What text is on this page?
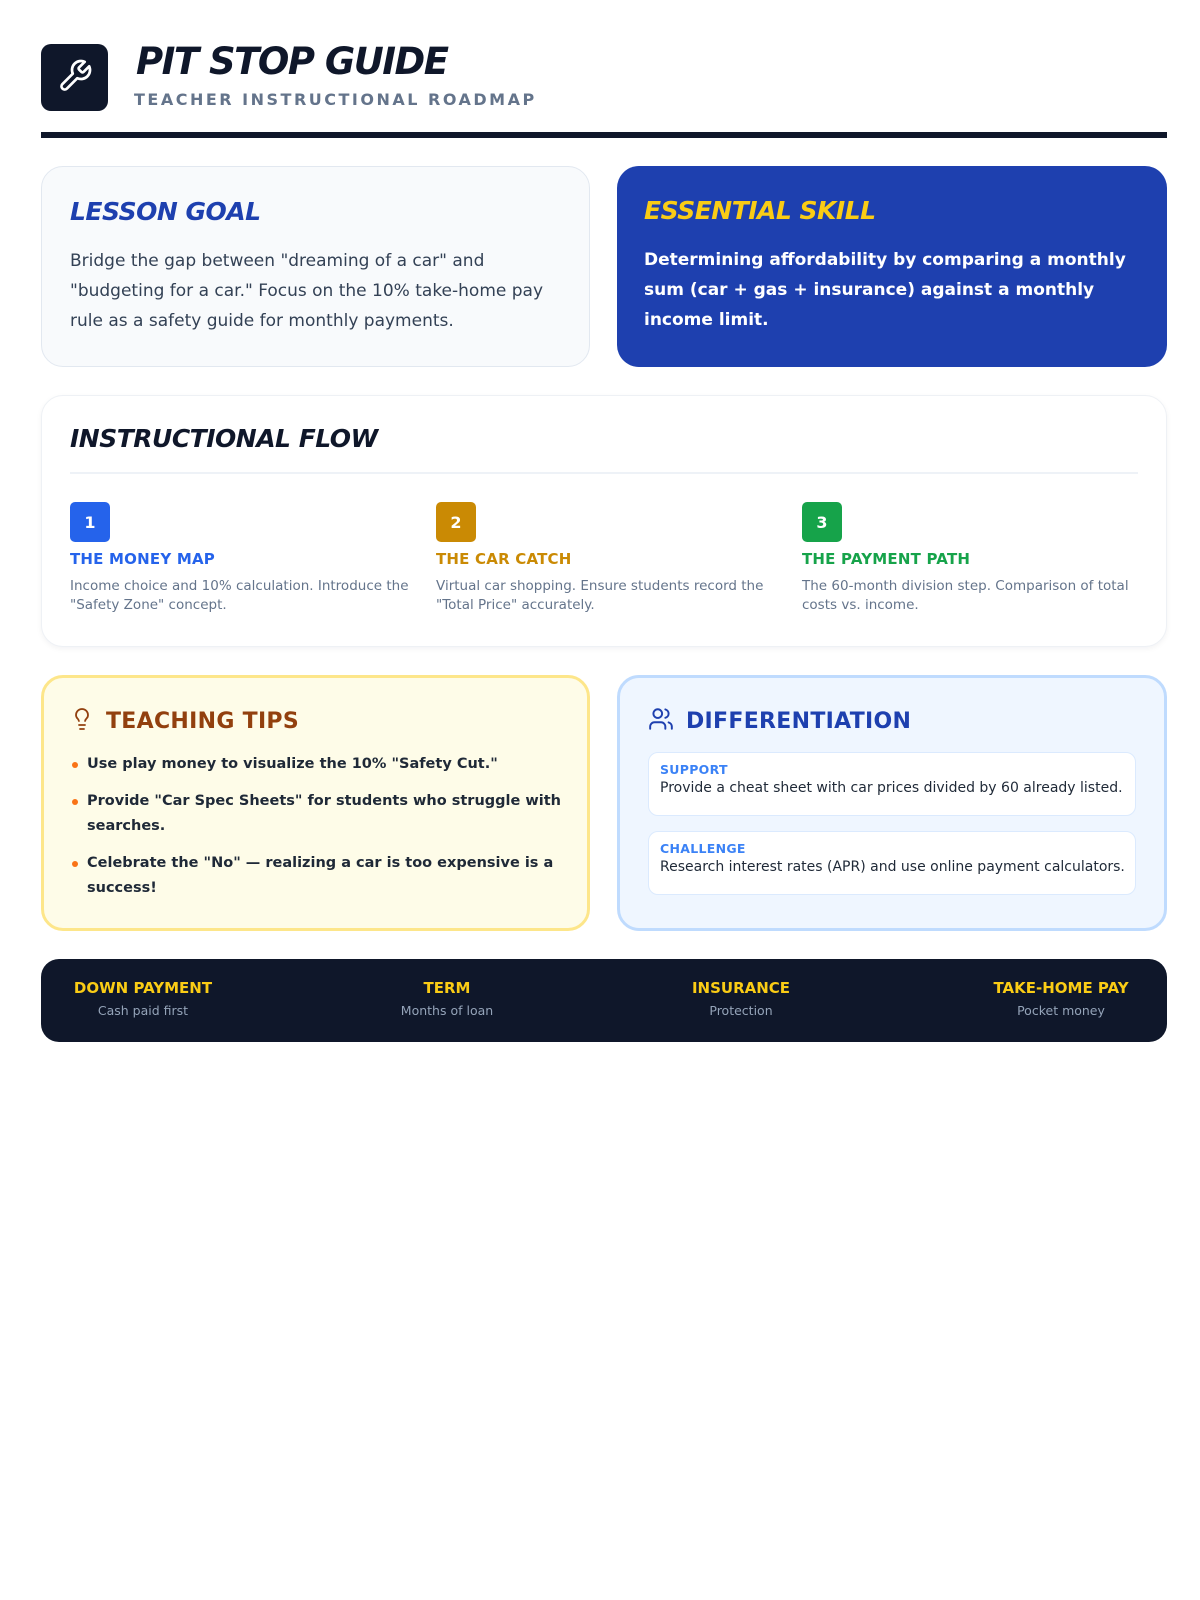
PIT STOP GUIDE

TEACHER INSTRUCTIONAL ROADMAP

LESSON GOAL

Bridge the gap between "dreaming of a car" and "budgeting for a car." Focus on the 10% take-home pay rule as a safety guide for monthly payments.

ESSENTIAL SKILL

Determining affordability by comparing a monthly sum (car + gas + insurance) against a monthly income limit.

INSTRUCTIONAL FLOW
1

THE MONEY MAP

Income choice and 10% calculation. Introduce the "Safety Zone" concept.

2

THE CAR CATCH

Virtual car shopping. Ensure students record the "Total Price" accurately.

3

THE PAYMENT PATH

The 60-month division step. Comparison of total costs vs. income.

TEACHING TIPS
Use play money to visualize the 10% "Safety Cut."
Provide "Car Spec Sheets" for students who struggle with searches.
Celebrate the "No" — realizing a car is too expensive is a success!
DIFFERENTIATION

SUPPORT

Provide a cheat sheet with car prices divided by 60 already listed.

CHALLENGE

Research interest rates (APR) and use online payment calculators.

DOWN PAYMENT

Cash paid first

TERM

Months of loan

INSURANCE

Protection

TAKE-HOME PAY

Pocket money
